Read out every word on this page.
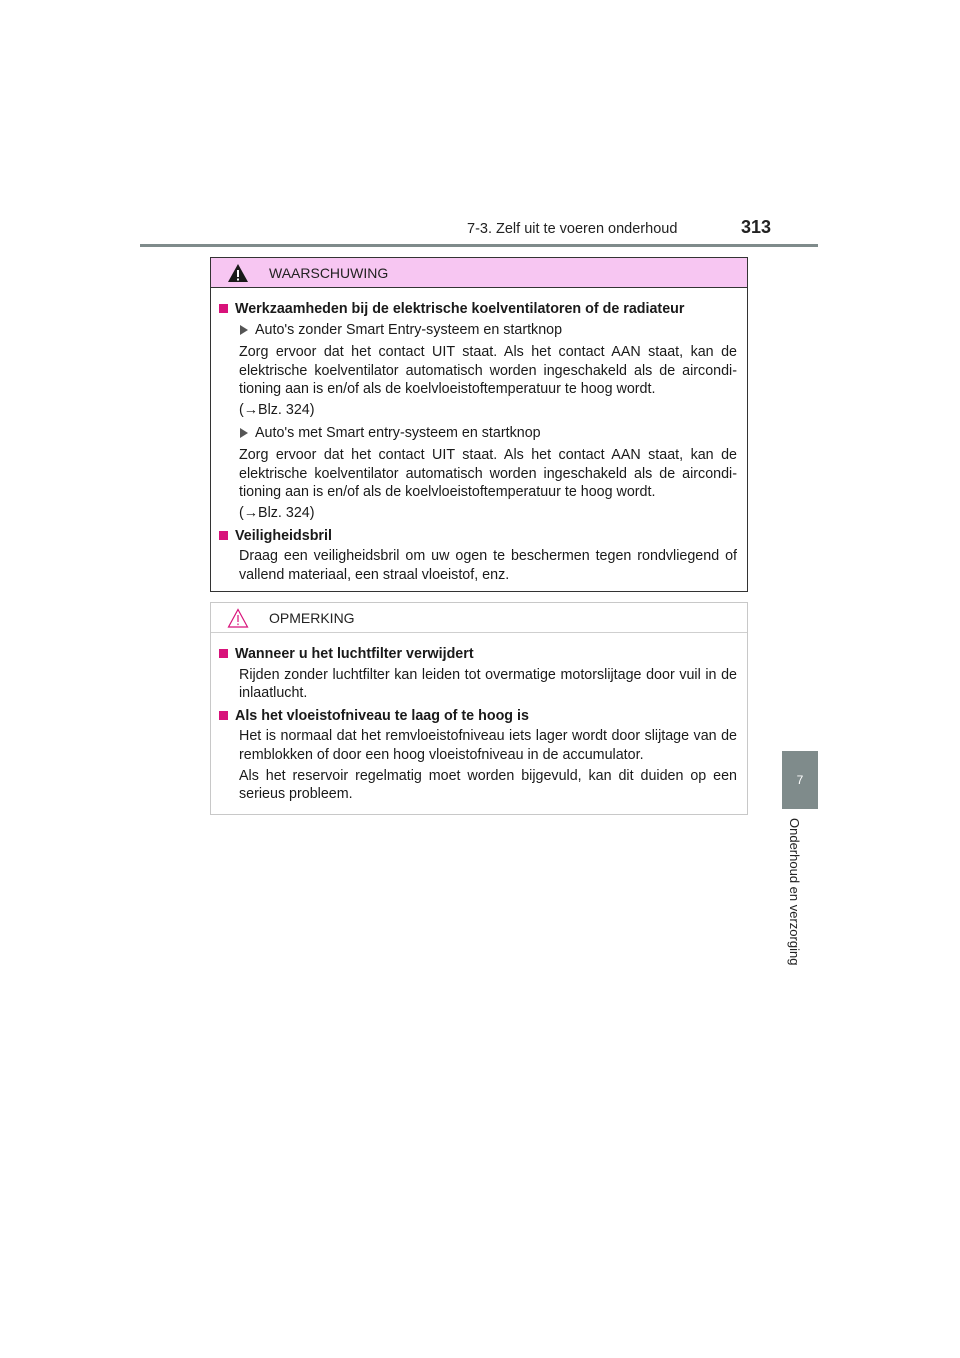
7-3. Zelf uit te voeren onderhoud	313
7
Onderhoud en verzorging
WAARSCHUWING
Werkzaamheden bij de elektrische koelventilatoren of de radiateur
Auto's zonder Smart Entry-systeem en startknop
Zorg ervoor dat het contact UIT staat. Als het contact AAN staat, kan de elektrische koelventilator automatisch worden ingeschakeld als de airconditioning aan is en/of als de koelvloeistoftemperatuur te hoog wordt.
(→Blz. 324)
Auto's met Smart entry-systeem en startknop
Zorg ervoor dat het contact UIT staat. Als het contact AAN staat, kan de elektrische koelventilator automatisch worden ingeschakeld als de airconditioning aan is en/of als de koelvloeistoftemperatuur te hoog wordt.
(→Blz. 324)
Veiligheidsbril
Draag een veiligheidsbril om uw ogen te beschermen tegen rondvliegend of vallend materiaal, een straal vloeistof, enz.
OPMERKING
Wanneer u het luchtfilter verwijdert
Rijden zonder luchtfilter kan leiden tot overmatige motorslijtage door vuil in de inlaatlucht.
Als het vloeistofniveau te laag of te hoog is
Het is normaal dat het remvloeistofniveau iets lager wordt door slijtage van de remblokken of door een hoog vloeistofniveau in de accumulator.
Als het reservoir regelmatig moet worden bijgevuld, kan dit duiden op een serieus probleem.
